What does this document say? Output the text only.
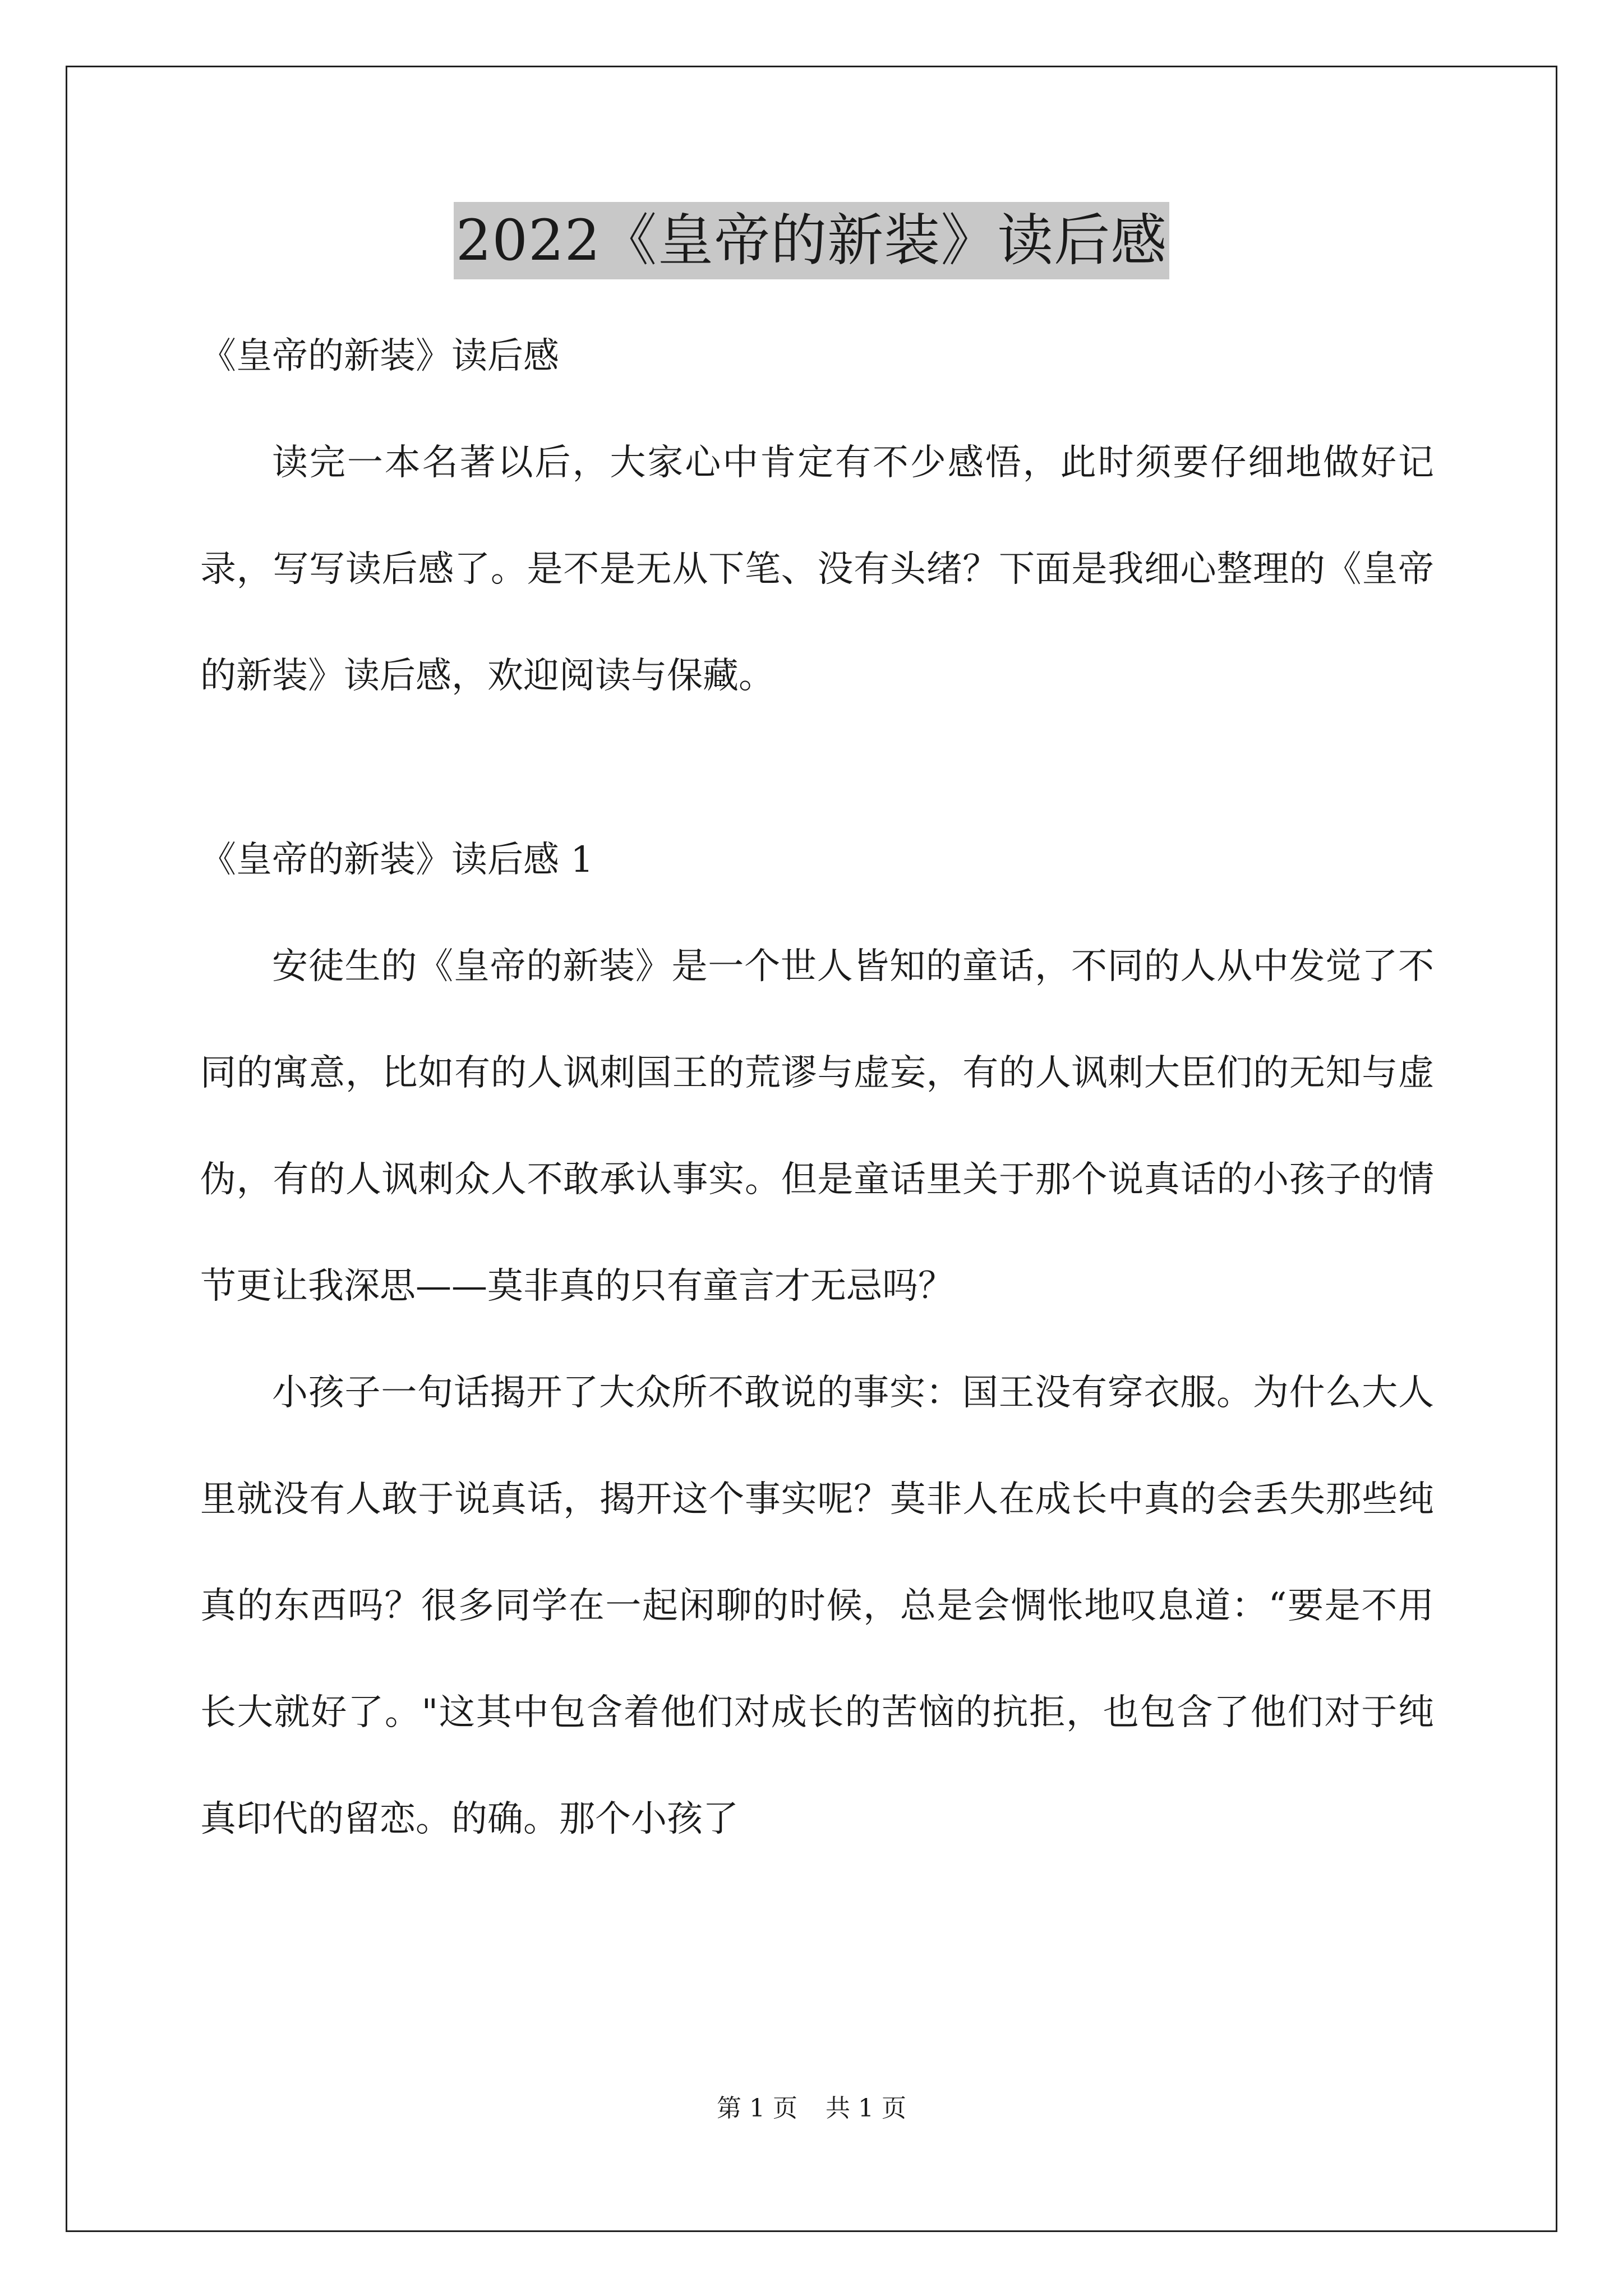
2022《皇帝的新装》读后感

《皇帝的新装》读后感

读完一本名著以后，大家心中肯定有不少感悟，此时须要仔细地做好记录，写写读后感了。是不是无从下笔、没有头绪？下面是我细心整理的《皇帝的新装》读后感，欢迎阅读与保藏。

《皇帝的新装》读后感 1

安徒生的《皇帝的新装》是一个世人皆知的童话，不同的人从中发觉了不同的寓意，比如有的人讽刺国王的荒谬与虚妄，有的人讽刺大臣们的无知与虚伪，有的人讽刺众人不敢承认事实。但是童话里关于那个说真话的小孩子的情节更让我深思——莫非真的只有童言才无忌吗？

小孩子一句话揭开了大众所不敢说的事实：国王没有穿衣服。为什么大人里就没有人敢于说真话，揭开这个事实呢？莫非人在成长中真的会丢失那些纯真的东西吗？很多同学在一起闲聊的时候，总是会惆怅地叹息道：“要是不用长大就好了。"这其中包含着他们对成长的苦恼的抗拒，也包含了他们对于纯真印代的留恋。的确。那个小孩了

第 1 页 共 1 页
